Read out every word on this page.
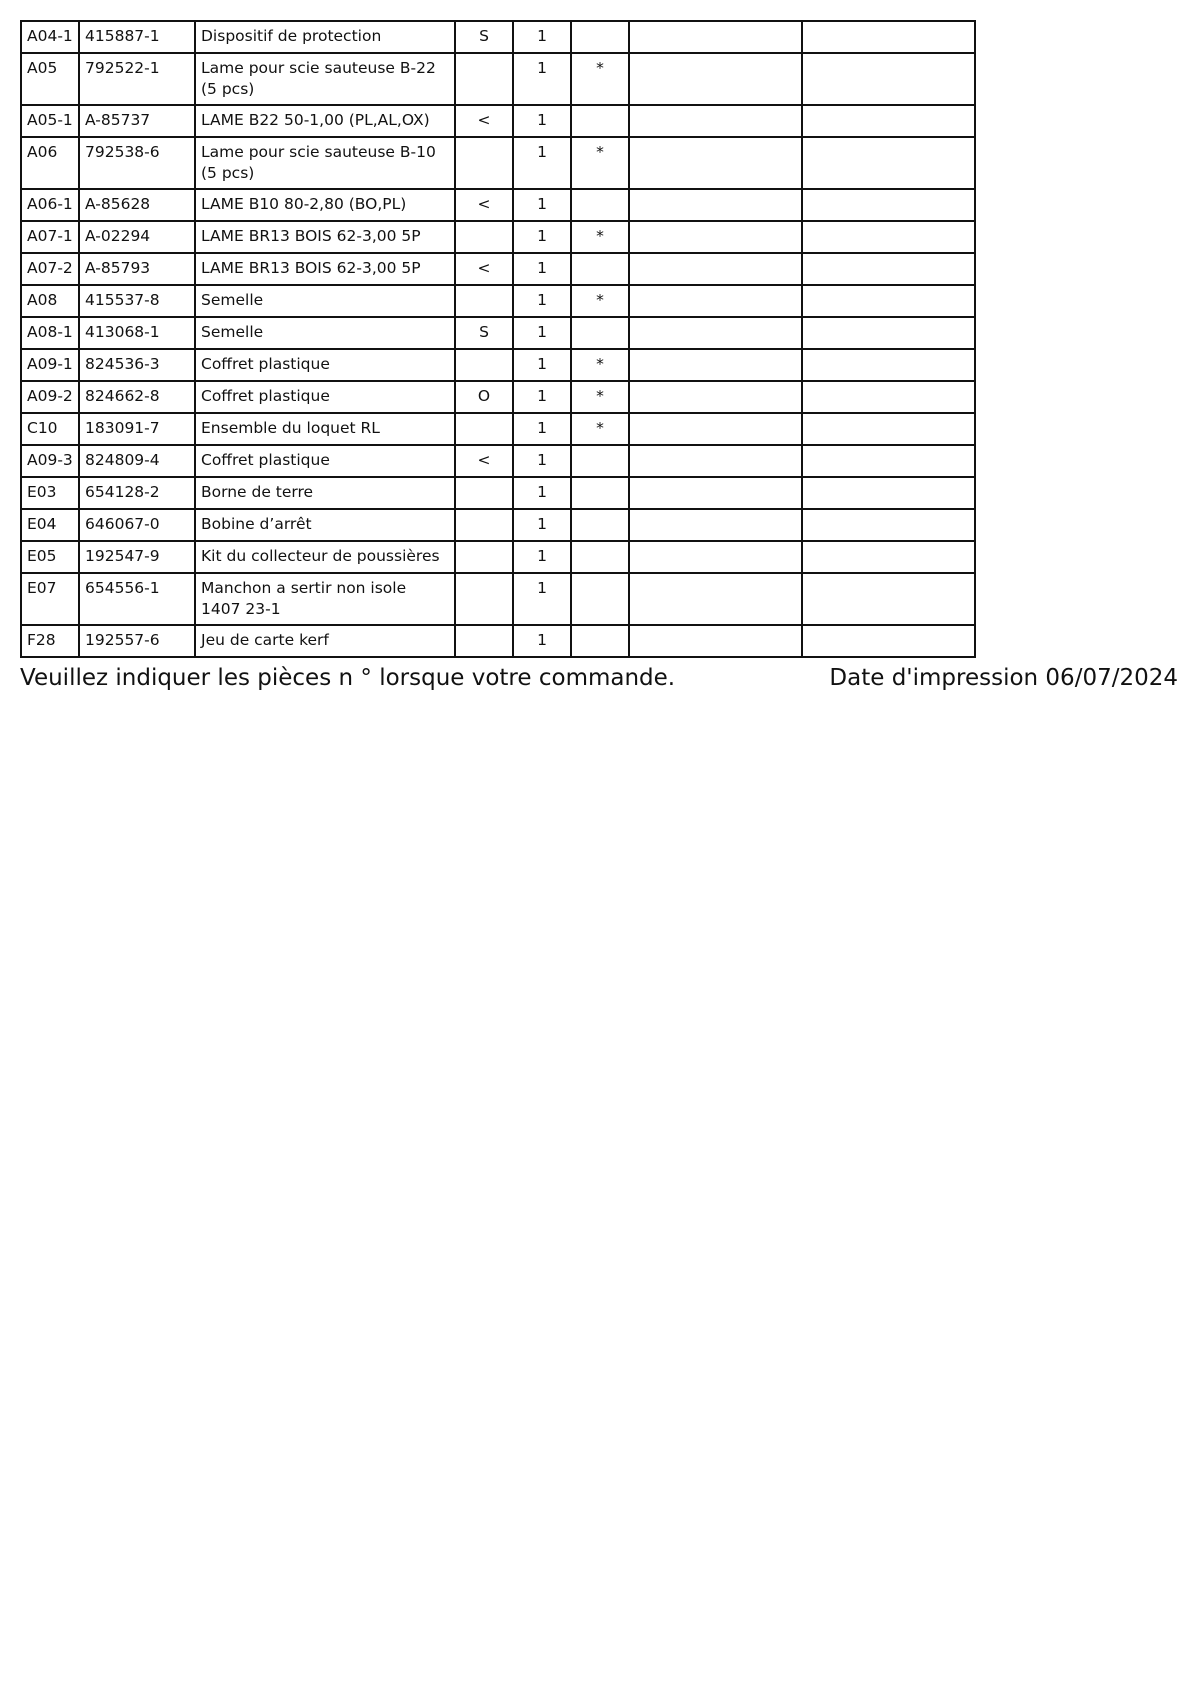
A04-1	415887-1	Dispositif de protection	S	1			
A05	792522-1	Lame pour scie sauteuse B-22 (5 pcs)		1	*		
A05-1	A-85737	LAME B22 50-1,00 (PL,AL,OX)	<	1			
A06	792538-6	Lame pour scie sauteuse B-10 (5 pcs)		1	*		
A06-1	A-85628	LAME B10 80-2,80 (BO,PL)	<	1			
A07-1	A-02294	LAME BR13 BOIS 62-3,00 5P		1	*		
A07-2	A-85793	LAME BR13 BOIS 62-3,00 5P	<	1			
A08	415537-8	Semelle		1	*		
A08-1	413068-1	Semelle	S	1			
A09-1	824536-3	Coffret plastique		1	*		
A09-2	824662-8	Coffret plastique	O	1	*		
C10	183091-7	Ensemble du loquet RL		1	*		
A09-3	824809-4	Coffret plastique	<	1			
E03	654128-2	Borne de terre		1			
E04	646067-0	Bobine d’arrêt		1			
E05	192547-9	Kit du collecteur de poussières		1			
E07	654556-1	Manchon a sertir non isole 1407 23-1		1			
F28	192557-6	Jeu de carte kerf		1			
Veuillez indiquer les pièces n ° lorsque votre commande.	Date d'impression 06/07/2024
